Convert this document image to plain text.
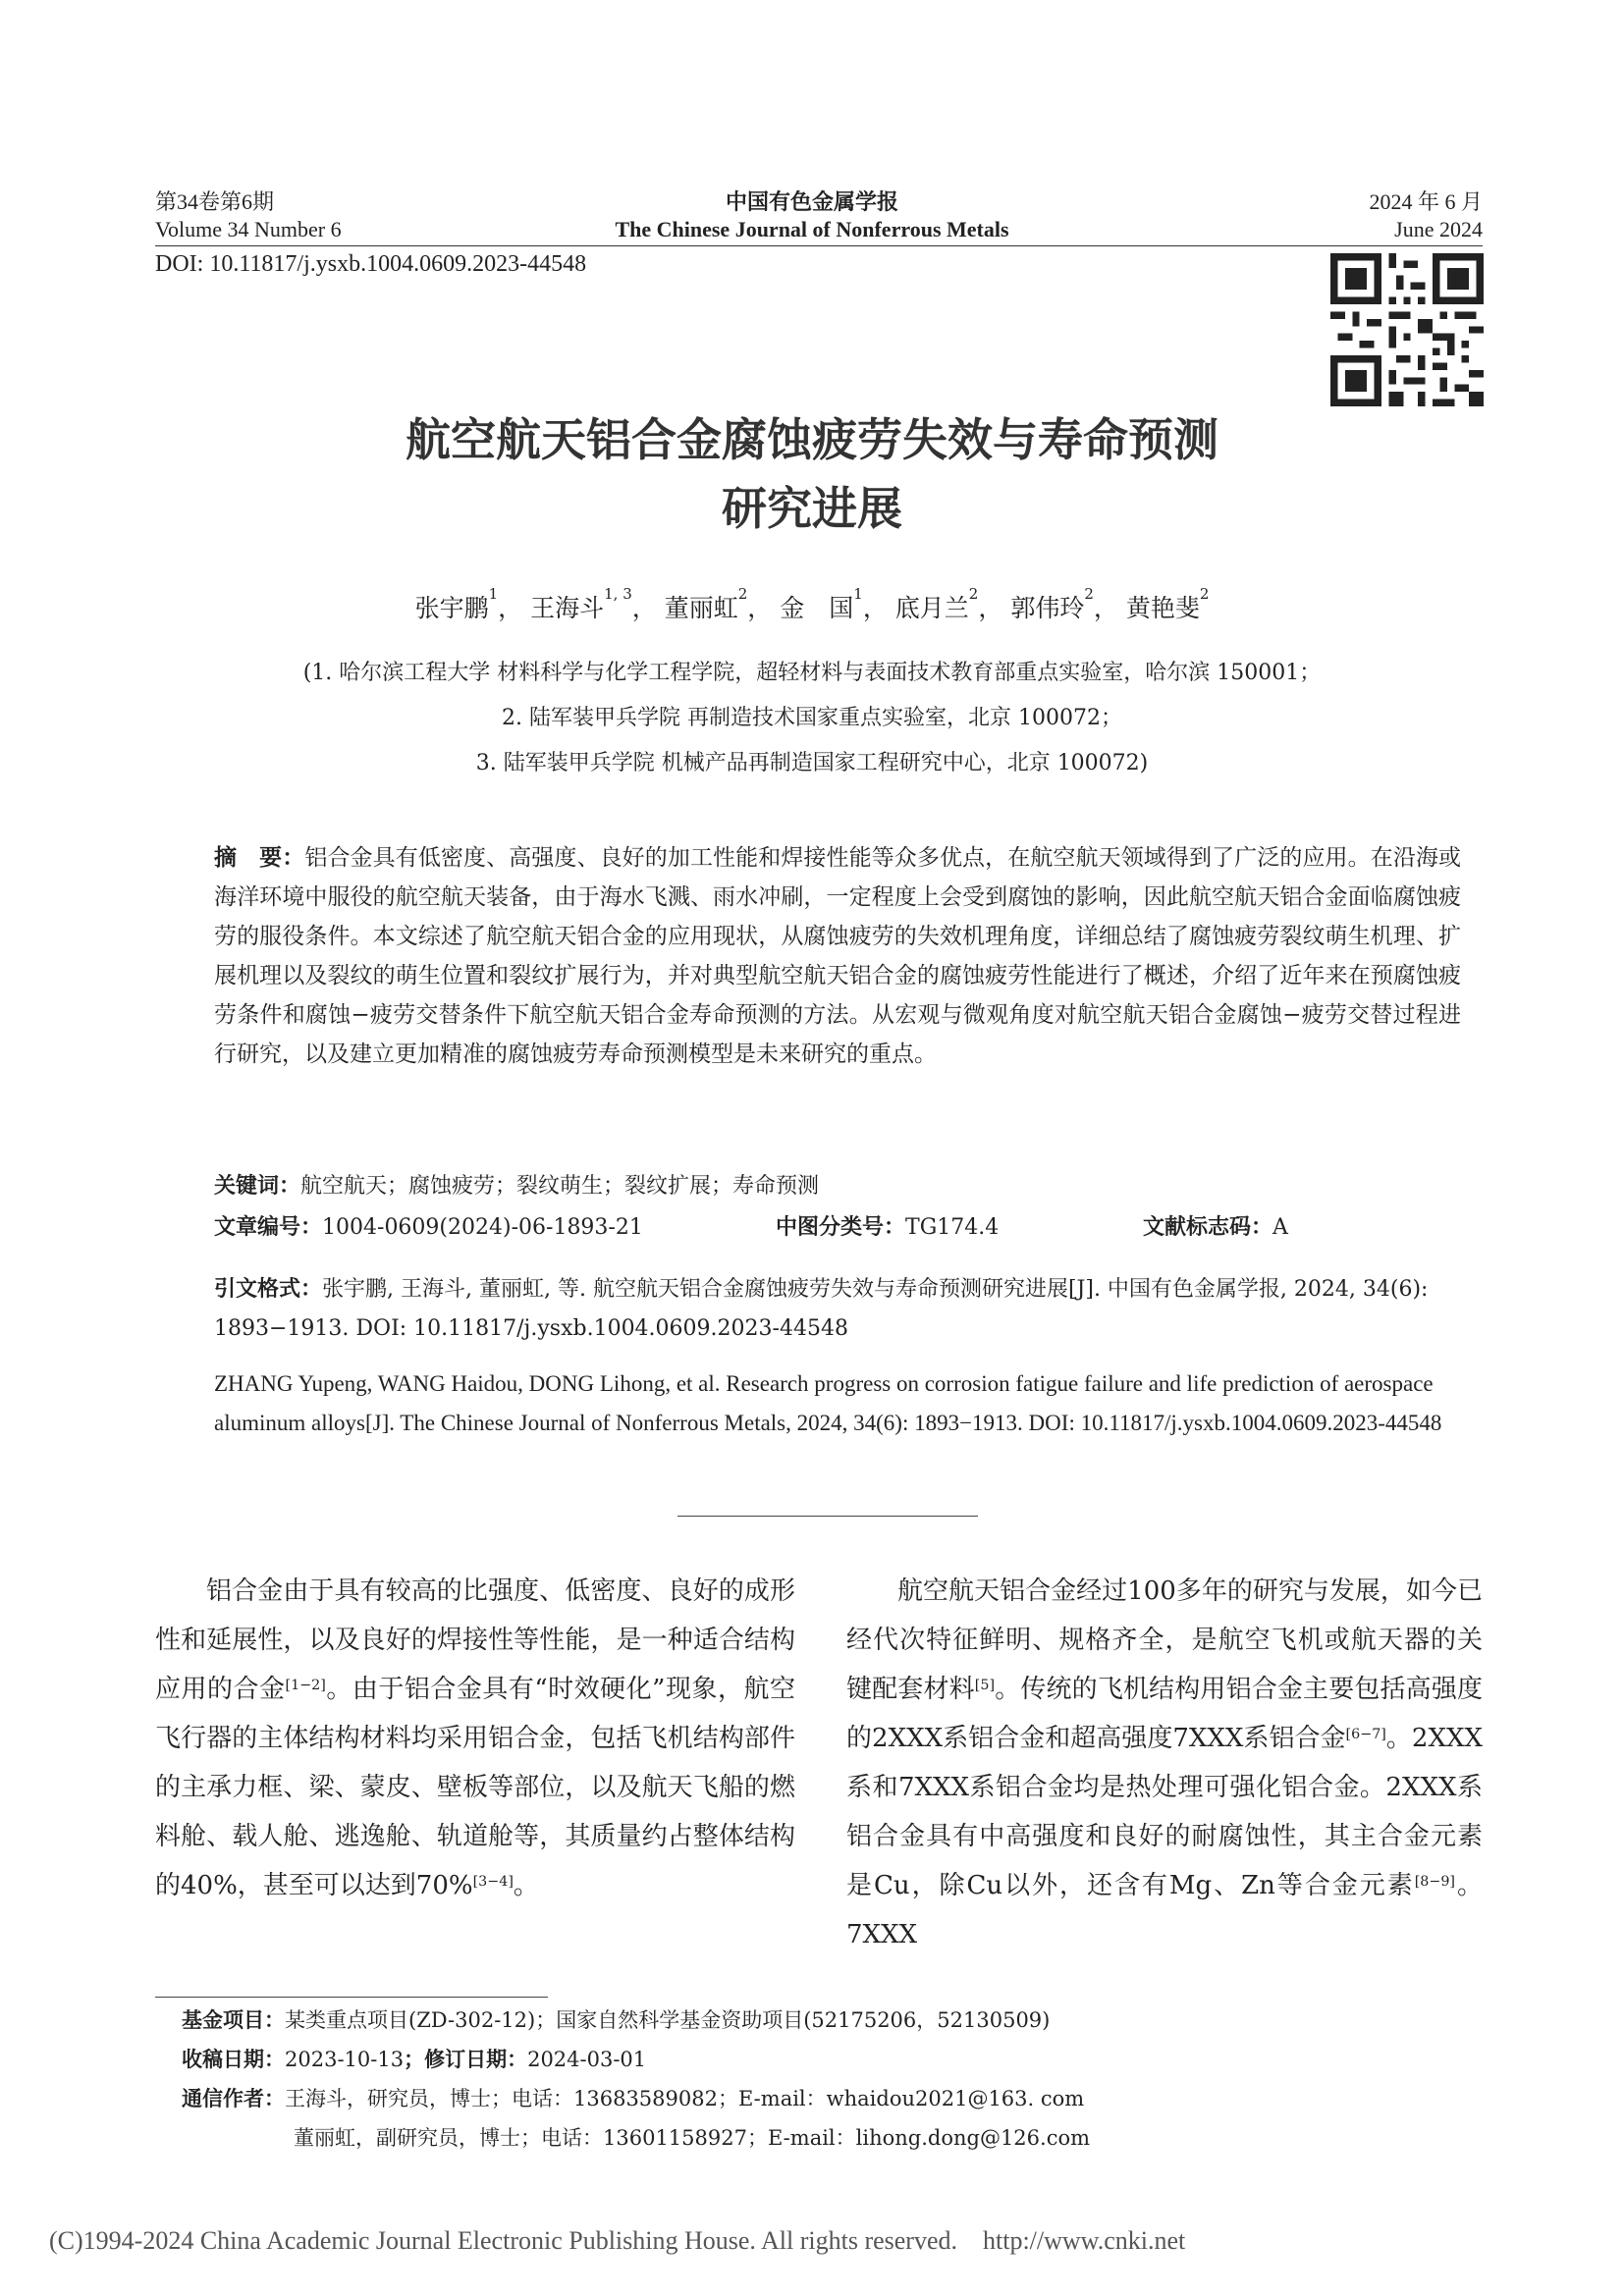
第34卷第6期
Volume 34 Number 6
中国有色金属学报
The Chinese Journal of Nonferrous Metals
2024 年 6 月
June 2024
DOI: 10.11817/j.ysxb.1004.0609.2023-44548
航空航天铝合金腐蚀疲劳失效与寿命预测
研究进展
张宇鹏$^1$， 王海斗$^{1, 3}$， 董丽虹$^2$， 金　国$^1$， 底月兰$^2$， 郭伟玲$^2$， 黄艳斐$^2$
(1. 哈尔滨工程大学 材料科学与化学工程学院，超轻材料与表面技术教育部重点实验室，哈尔滨 150001；
2. 陆军装甲兵学院 再制造技术国家重点实验室，北京 100072；
3. 陆军装甲兵学院 机械产品再制造国家工程研究中心，北京 100072)
摘　要：铝合金具有低密度、高强度、良好的加工性能和焊接性能等众多优点，在航空航天领域得到了广泛的应用。在沿海或海洋环境中服役的航空航天装备，由于海水飞溅、雨水冲刷，一定程度上会受到腐蚀的影响，因此航空航天铝合金面临腐蚀疲劳的服役条件。本文综述了航空航天铝合金的应用现状，从腐蚀疲劳的失效机理角度，详细总结了腐蚀疲劳裂纹萌生机理、扩展机理以及裂纹的萌生位置和裂纹扩展行为，并对典型航空航天铝合金的腐蚀疲劳性能进行了概述，介绍了近年来在预腐蚀疲劳条件和腐蚀−疲劳交替条件下航空航天铝合金寿命预测的方法。从宏观与微观角度对航空航天铝合金腐蚀−疲劳交替过程进行研究，以及建立更加精准的腐蚀疲劳寿命预测模型是未来研究的重点。
关键词：航空航天；腐蚀疲劳；裂纹萌生；裂纹扩展；寿命预测
文章编号：1004-0609(2024)-06-1893-21	中图分类号：TG174.4	文献标志码：A
引文格式：张宇鹏, 王海斗, 董丽虹, 等. 航空航天铝合金腐蚀疲劳失效与寿命预测研究进展[J]. 中国有色金属学报, 2024, 34(6): 1893−1913. DOI: 10.11817/j.ysxb.1004.0609.2023-44548
ZHANG Yupeng, WANG Haidou, DONG Lihong, et al. Research progress on corrosion fatigue failure and life prediction of aerospace aluminum alloys[J]. The Chinese Journal of Nonferrous Metals, 2024, 34(6): 1893−1913. DOI: 10.11817/j.ysxb.1004.0609.2023-44548

铝合金由于具有较高的比强度、低密度、良好的成形性和延展性，以及良好的焊接性等性能，是一种适合结构应用的合金[1−2]。由于铝合金具有“时效硬化”现象，航空飞行器的主体结构材料均采用铝合金，包括飞机结构部件的主承力框、梁、蒙皮、壁板等部位，以及航天飞船的燃料舱、载人舱、逃逸舱、轨道舱等，其质量约占整体结构的40%，甚至可以达到70%[3−4]。

航空航天铝合金经过100多年的研究与发展，如今已经代次特征鲜明、规格齐全，是航空飞机或航天器的关键配套材料[5]。传统的飞机结构用铝合金主要包括高强度的2XXX系铝合金和超高强度7XXX系铝合金[6−7]。2XXX系和7XXX系铝合金均是热处理可强化铝合金。2XXX系铝合金具有中高强度和良好的耐腐蚀性，其主合金元素是Cu，除Cu以外，还含有Mg、Zn等合金元素[8−9]。7XXX

基金项目：某类重点项目(ZD-302-12)；国家自然科学基金资助项目(52175206，52130509)
收稿日期：2023-10-13；修订日期：2024-03-01
通信作者：王海斗，研究员，博士；电话：13683589082；E-mail：whaidou2021@163. com
董丽虹，副研究员，博士；电话：13601158927；E-mail：lihong.dong@126.com
(C)1994-2024 China Academic Journal Electronic Publishing House. All rights reserved.    http://www.cnki.net
